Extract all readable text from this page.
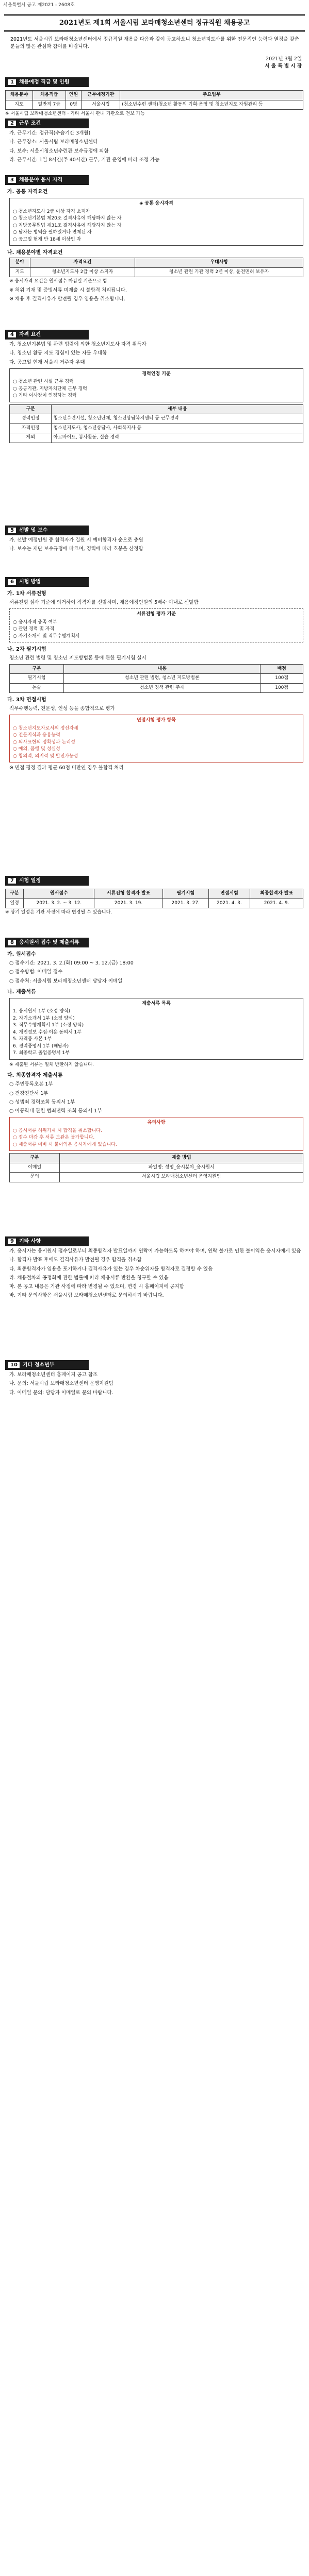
서울특별시 공고 제2021 - 2608호
2021년도 제1회 서울시립 보라매청소년센터 정규직원 채용공고
2021년도 서울시립 보라매청소년센터에서 정규직원 채용을 다음과 같이 공고하오니 청소년지도사를 위한 전문적인 능력과 열정을 갖춘 분들의 많은 관심과 참여를 바랍니다.
2021년 3월 2일
서 울 특 별 시 장
1 채용예정 직급 및 인원
채용분야	채용직급	인원	근무예정기관	주요업무
지도	일반직 7급	0명	서울시립	(청소년수련 센터)청소년 활동의 기획·운영 및 청소년지도 자원관리 등
※ 서울시립 보라매청소년센터 · 기타 서울시 관내 기관으로 전보 가능
2 근무 조건
가. 근무기간: 정규직(수습기간 3개월)
나. 근무장소: 서울시립 보라매청소년센터
다. 보수: 서울시청소년수련관 보수규정에 의함
라. 근무시간: 1일 8시간(주 40시간) 근무, 기관 운영에 따라 조정 가능
3 채용분야 응시 자격
가. 공통 자격요건
◈ 공통 응시자격
○ 청소년지도사 2급 이상 자격 소지자
○ 청소년기본법 제20조 결격사유에 해당하지 않는 자
○ 지방공무원법 제31조 결격사유에 해당하지 않는 자
○ 남자는 병역을 필하였거나 면제된 자
○ 공고일 현재 만 18세 이상인 자
나. 채용분야별 자격요건
분야	자격요건	우대사항
지도	청소년지도사 2급 이상 소지자	청소년 관련 기관 경력 2년 이상, 운전면허 보유자
※ 응시자격 요건은 원서접수 마감일 기준으로 함
※ 허위 기재 및 증빙서류 미제출 시 불합격 처리됩니다.
※ 채용 후 결격사유가 발견될 경우 임용을 취소합니다.
4 자격 요건
가. 청소년기본법 및 관련 법령에 의한 청소년지도사 자격 취득자
나. 청소년 활동 지도 경험이 있는 자를 우대함
다. 공고일 현재 서울시 거주자 우대
경력인정 기준
○ 청소년 관련 시설 근무 경력
○ 공공기관, 지방자치단체 근무 경력
○ 기타 이사장이 인정하는 경력
구분	세부 내용
경력인정	청소년수련시설, 청소년단체, 청소년상담복지센터 등 근무경력
자격인정	청소년지도사, 청소년상담사, 사회복지사 등
제외	아르바이트, 봉사활동, 실습 경력
5 선발 및 보수
가. 선발 예정인원 중 합격자가 결원 시 예비합격자 순으로 충원
나. 보수는 재단 보수규정에 따르며, 경력에 따라 호봉을 산정함
6 시험 방법
가. 1차 서류전형
서류전형 심사 기준에 의거하여 적격자를 선발하며, 채용예정인원의 5배수 이내로 선발함
서류전형 평가 기준
○ 응시자격 충족 여부
○ 관련 경력 및 자격
○ 자기소개서 및 직무수행계획서
나. 2차 필기시험
청소년 관련 법령 및 청소년 지도방법론 등에 관한 필기시험 실시
구분	내용	배점
필기시험	청소년 관련 법령, 청소년 지도방법론	100점
논술	청소년 정책 관련 주제	100점
다. 3차 면접시험
직무수행능력, 전문성, 인성 등을 종합적으로 평가
면접시험 평가 항목
○ 청소년지도자로서의 정신자세
○ 전문지식과 응용능력
○ 의사표현의 정확성과 논리성
○ 예의, 품행 및 성실성
○ 창의력, 의지력 및 발전가능성
※ 면접 평정 결과 평균 60점 미만인 경우 불합격 처리
7 시험 일정
구분	원서접수	서류전형 합격자 발표	필기시험	면접시험	최종합격자 발표
일정	2021. 3. 2. ~ 3. 12.	2021. 3. 19.	2021. 3. 27.	2021. 4. 3.	2021. 4. 9.
※ 상기 일정은 기관 사정에 따라 변경될 수 있습니다.
8 응시원서 접수 및 제출서류
가. 원서접수
○ 접수기간: 2021. 3. 2.(화) 09:00 ~ 3. 12.(금) 18:00
○ 접수방법: 이메일 접수
○ 접수처: 서울시립 보라매청소년센터 담당자 이메일
나. 제출서류
제출서류 목록
1. 응시원서 1부 (소정 양식)
2. 자기소개서 1부 (소정 양식)
3. 직무수행계획서 1부 (소정 양식)
4. 개인정보 수집·이용 동의서 1부
5. 자격증 사본 1부
6. 경력증명서 1부 (해당자)
7. 최종학교 졸업증명서 1부
※ 제출된 서류는 일체 반환하지 않습니다.
다. 최종합격자 제출서류
○ 주민등록초본 1부
○ 건강진단서 1부
○ 성범죄 경력조회 동의서 1부
○ 아동학대 관련 범죄전력 조회 동의서 1부
유의사항
○ 응시서류 허위기재 시 합격을 취소합니다.
○ 접수 마감 후 서류 보완은 불가합니다.
○ 제출서류 미비 시 불이익은 응시자에게 있습니다.
구분	제출 방법
이메일	파일명: 성명_응시분야_응시원서
문의	서울시립 보라매청소년센터 운영지원팀
9 기타 사항
가. 응시자는 응시원서 접수일로부터 최종합격자 발표일까지 연락이 가능하도록 하여야 하며, 연락 불가로 인한 불이익은 응시자에게 있음
나. 합격자 발표 후에도 결격사유가 발견될 경우 합격을 취소함
다. 최종합격자가 임용을 포기하거나 결격사유가 있는 경우 차순위자를 합격자로 결정할 수 있음
라. 채용절차의 공정화에 관한 법률에 따라 채용서류 반환을 청구할 수 있음
마. 본 공고 내용은 기관 사정에 따라 변경될 수 있으며, 변경 시 홈페이지에 공지함
바. 기타 문의사항은 서울시립 보라매청소년센터로 문의하시기 바랍니다.
10 기타 청소년부
가. 보라매청소년센터 홈페이지 공고 참조
나. 문의: 서울시립 보라매청소년센터 운영지원팀
다. 이메일 문의: 담당자 이메일로 문의 바랍니다.
